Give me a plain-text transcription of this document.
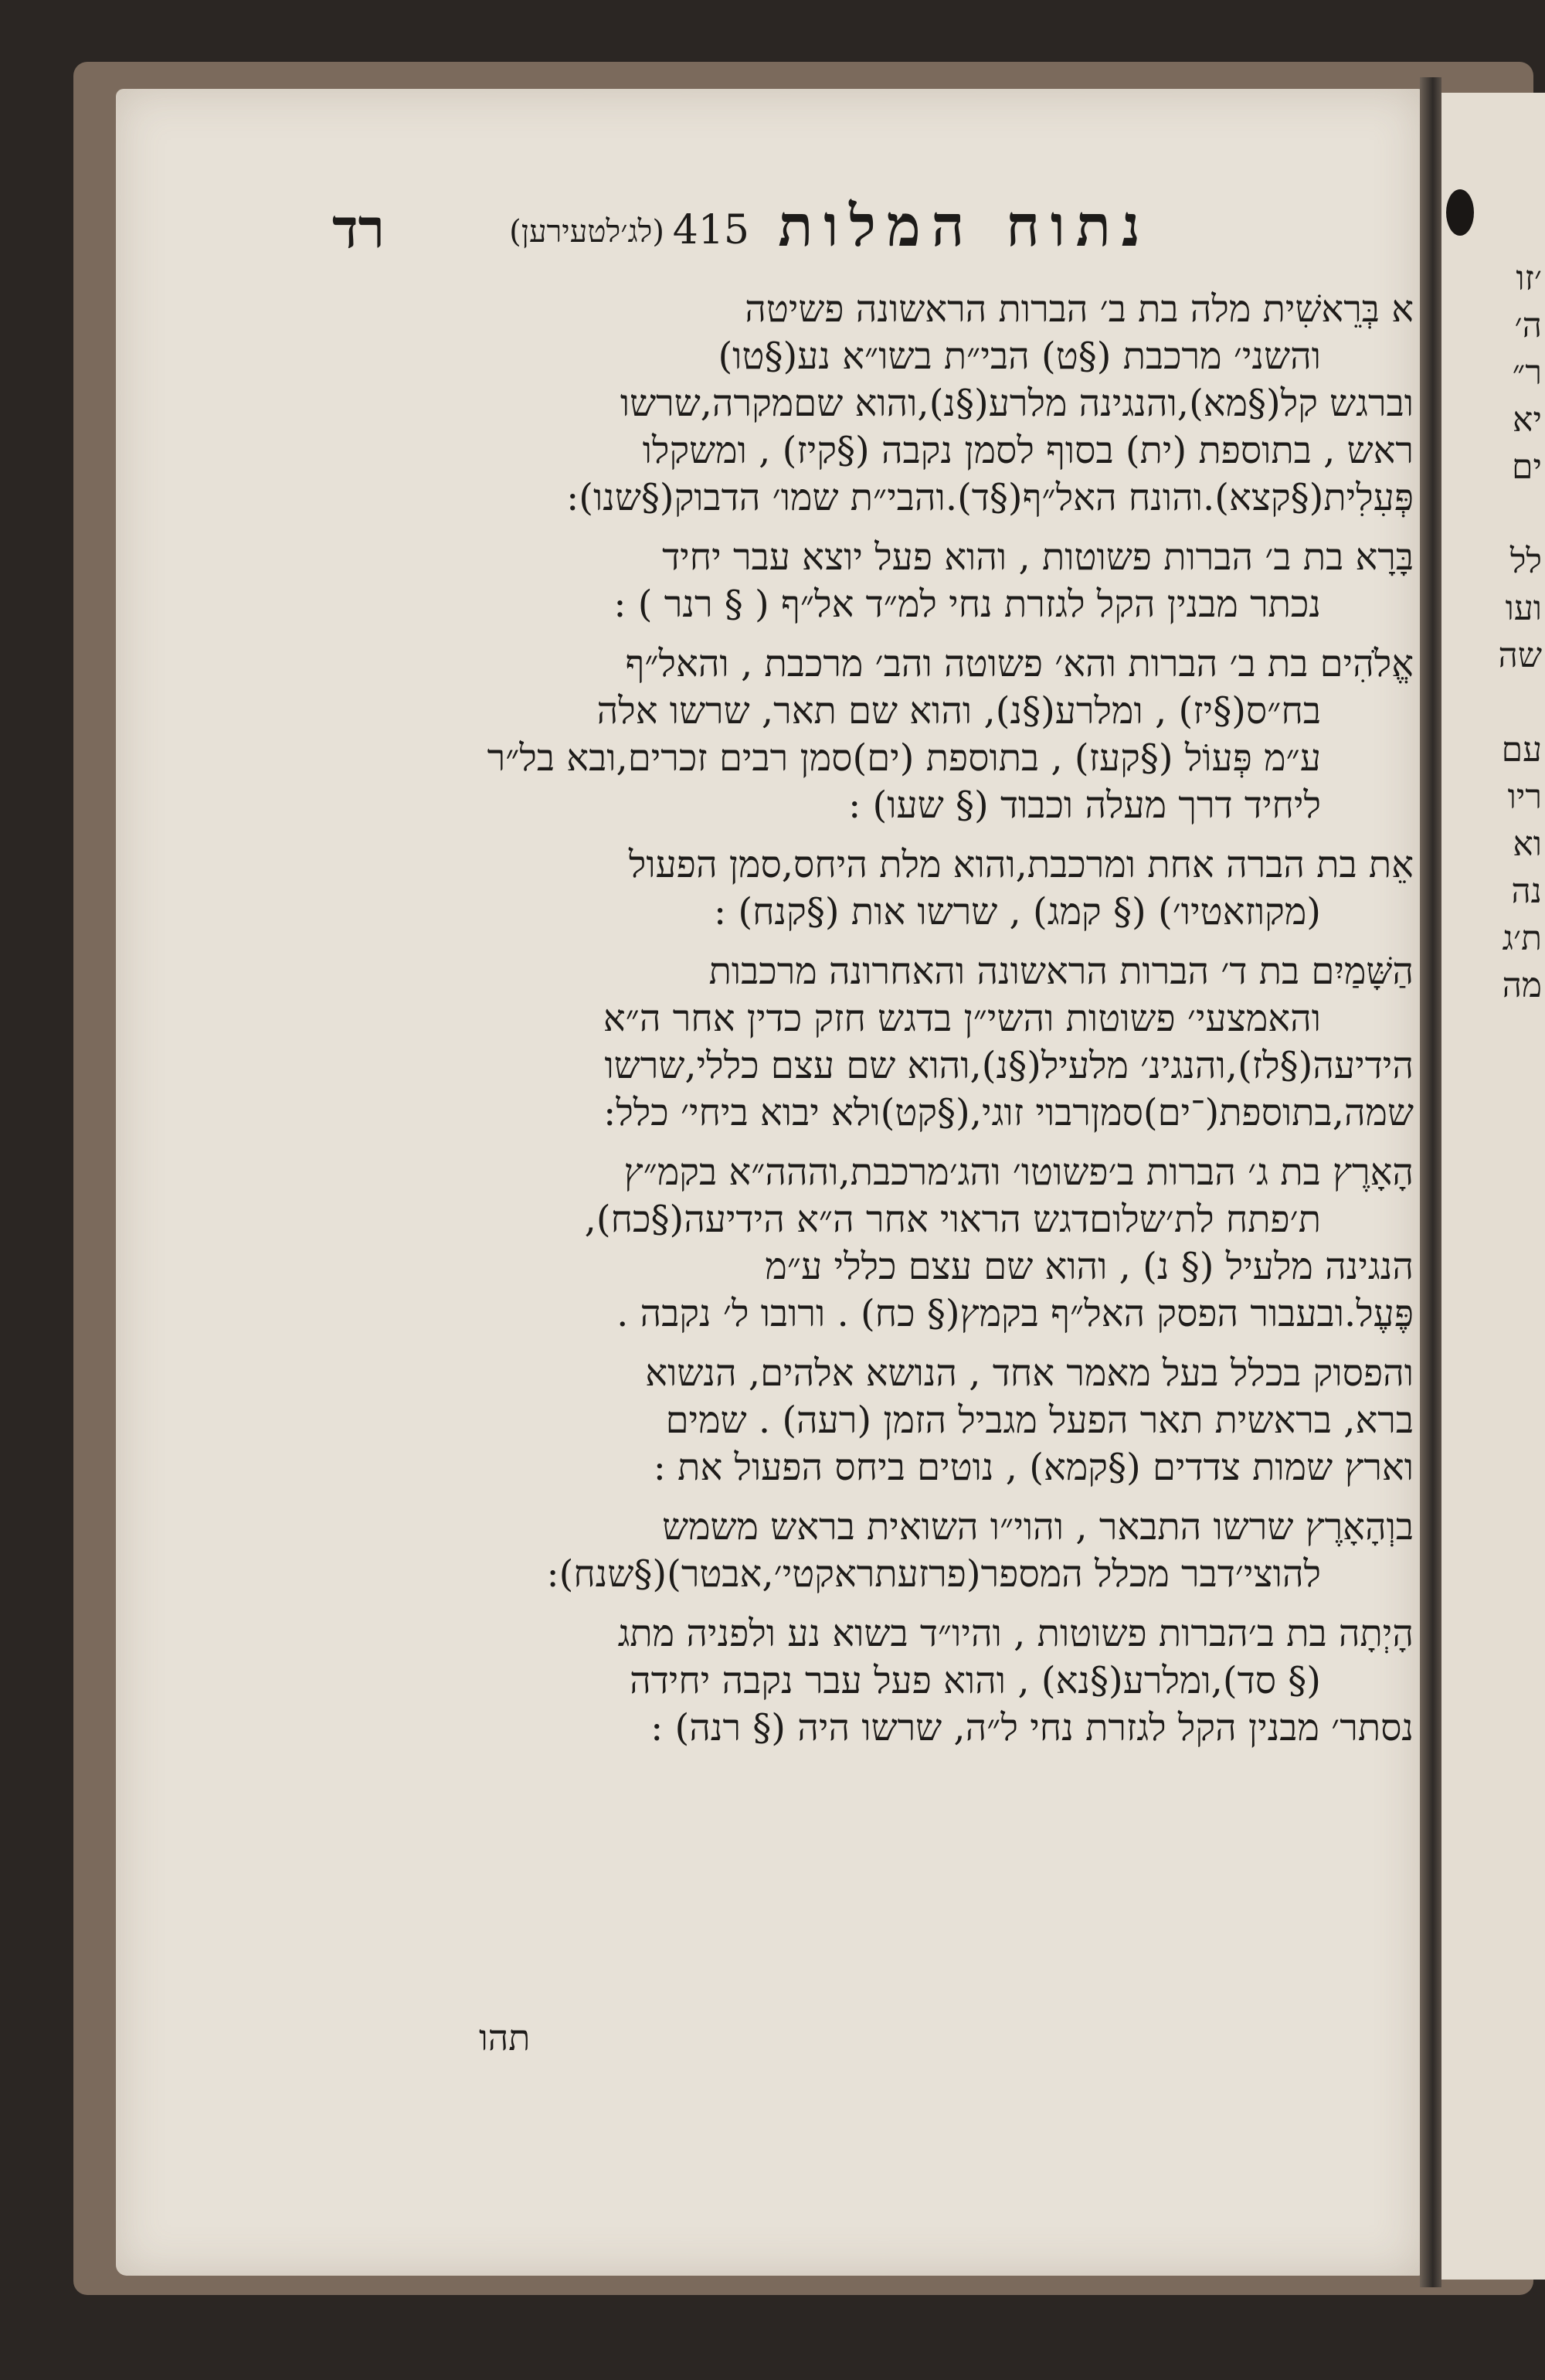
נתוח המלות
415
(לג׳לטעירען)
רד
א בְּרֵאשִׁית מלה בת ב׳ הברות הראשונה פשיטה
והשני׳ מרכבת (§ט) הבי״ת בשו״א נע(§טו)
וברגש קל(§מא),והנגינה מלרע(§נ),והוא שםמקרה,שרשו
ראש , בתוספת (ית) בסוף לסמן נקבה (§קיז) , ומשקלו
פְּעִלִית(§קצא).והונח האל״ף(§ד).והבי״ת שמו׳ הדבוק(§שנו):
בָּרָא בת ב׳ הברות פשוטות , והוא פעל יוצא עבר יחיד
נכתר מבנין הקל לגזרת נחי למ״ד אל״ף ( § רנר ) :
אֱלֹהִים בת ב׳ הברות והא׳ פשוטה והב׳ מרכבת , והאל״ף
בח״ס(§יז) , ומלרע(§נ), והוא שם תאר, שרשו אלה
ע״מ פְּעוֹל (§קעז) , בתוספת (ים)סמן רבים זכרים,ובא בל״ר
ליחיד דרך מעלה וכבוד (§ שעו) :
אֵת בת הברה אחת ומרכבת,והוא מלת היחס,סמן הפעול
(מקוזאטיו׳) (§ קמג) , שרשו אות (§קנח) :
הַשָּׁמַיִם בת ד׳ הברות הראשונה והאחרונה מרכבות
והאמצעי׳ פשוטות והשי״ן בדגש חזק כדין אחר ה״א
הידיעה(§לז),והנגינ׳ מלעיל(§נ),והוא שם עצם כללי,שרשו
שמה,בתוספת(־ים)סמןרבוי זוגי,(§קט)ולא יבוא ביחי׳ כלל:
הָאָרֶץ בת ג׳ הברות ב׳פשוטו׳ והג׳מרכבת,וההה״א בקמ״ץ
ת׳פתח לת׳שלוםדגש הראוי אחר ה״א הידיעה(§כח),
הנגינה מלעיל (§ נ) , והוא שם עצם כללי ע״מ
פֶּעֶל.ובעבור הפסק האל״ף בקמץ(§ כח) . ורובו ל׳ נקבה .
והפסוק בכלל בעל מאמר אחד , הנושא אלהים, הנשוא
ברא, בראשית תאר הפעל מגביל הזמן (רעה) . שמים
וארץ שמות צדדים (§קמא) , נוטים ביחס הפעול את :
בוְהָאָרֶץ שרשו התבאר , והוי״ו השואית בראש משמש
להוצי׳דבר מכלל המספר(פרזעתראקטי׳,אבטר)(§שנח):
הָיְתָה בת ב׳הברות פשוטות , והיו״ד בשוא נע ולפניה מתג
(§ סד),ומלרע(§נא) , והוא פעל עבר נקבה יחידה
נסתר׳ מבנין הקל לגזרת נחי ל״ה, שרשו היה (§ רנה) :
תהו
׳זו
ה׳
ר״
יא
ים
לל
ועו
שה
עם
ריו
וא
נה
ת׳ג
מה
